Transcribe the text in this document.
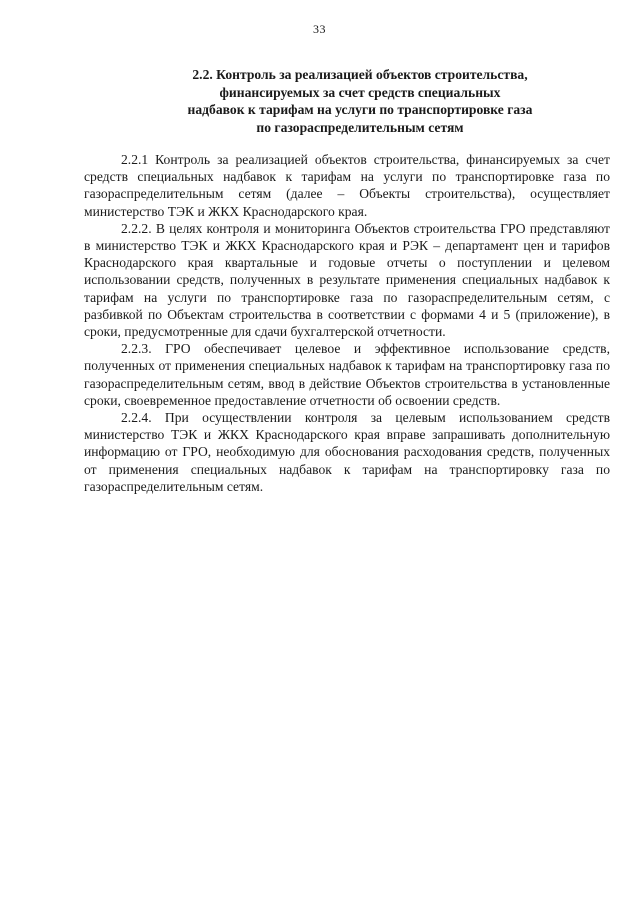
33
2.2. Контроль за реализацией объектов строительства,
финансируемых за счет средств специальных
надбавок к тарифам на услуги по транспортировке газа
по газораспределительным сетям

2.2.1 Контроль за реализацией объектов строительства, финансируемых за счет средств специальных надбавок к тарифам на услуги по транспортировке газа по газораспределительным сетям (далее – Объекты строительства), осуществляет министерство ТЭК и ЖКХ Краснодарского края.

2.2.2. В целях контроля и мониторинга Объектов строительства ГРО представляют в министерство ТЭК и ЖКХ Краснодарского края и РЭК – департамент цен и тарифов Краснодарского края квартальные и годовые отчеты о поступлении и целевом использовании средств, полученных в результате применения специальных надбавок к тарифам на услуги по транспортировке газа по газораспределительным сетям, с разбивкой по Объектам строительства в соответствии с формами 4 и 5 (приложение), в сроки, предусмотренные для сдачи бухгалтерской отчетности.

2.2.3. ГРО обеспечивает целевое и эффективное использование средств, полученных от применения специальных надбавок к тарифам на транспортировку газа по газораспределительным сетям, ввод в действие Объектов строительства в установленные сроки, своевременное предоставление отчетности об освоении средств.

2.2.4. При осуществлении контроля за целевым использованием средств министерство ТЭК и ЖКХ Краснодарского края вправе запрашивать дополнительную информацию от ГРО, необходимую для обоснования расходования средств, полученных от применения специальных надбавок к тарифам на транспортировку газа по газораспределительным сетям.
